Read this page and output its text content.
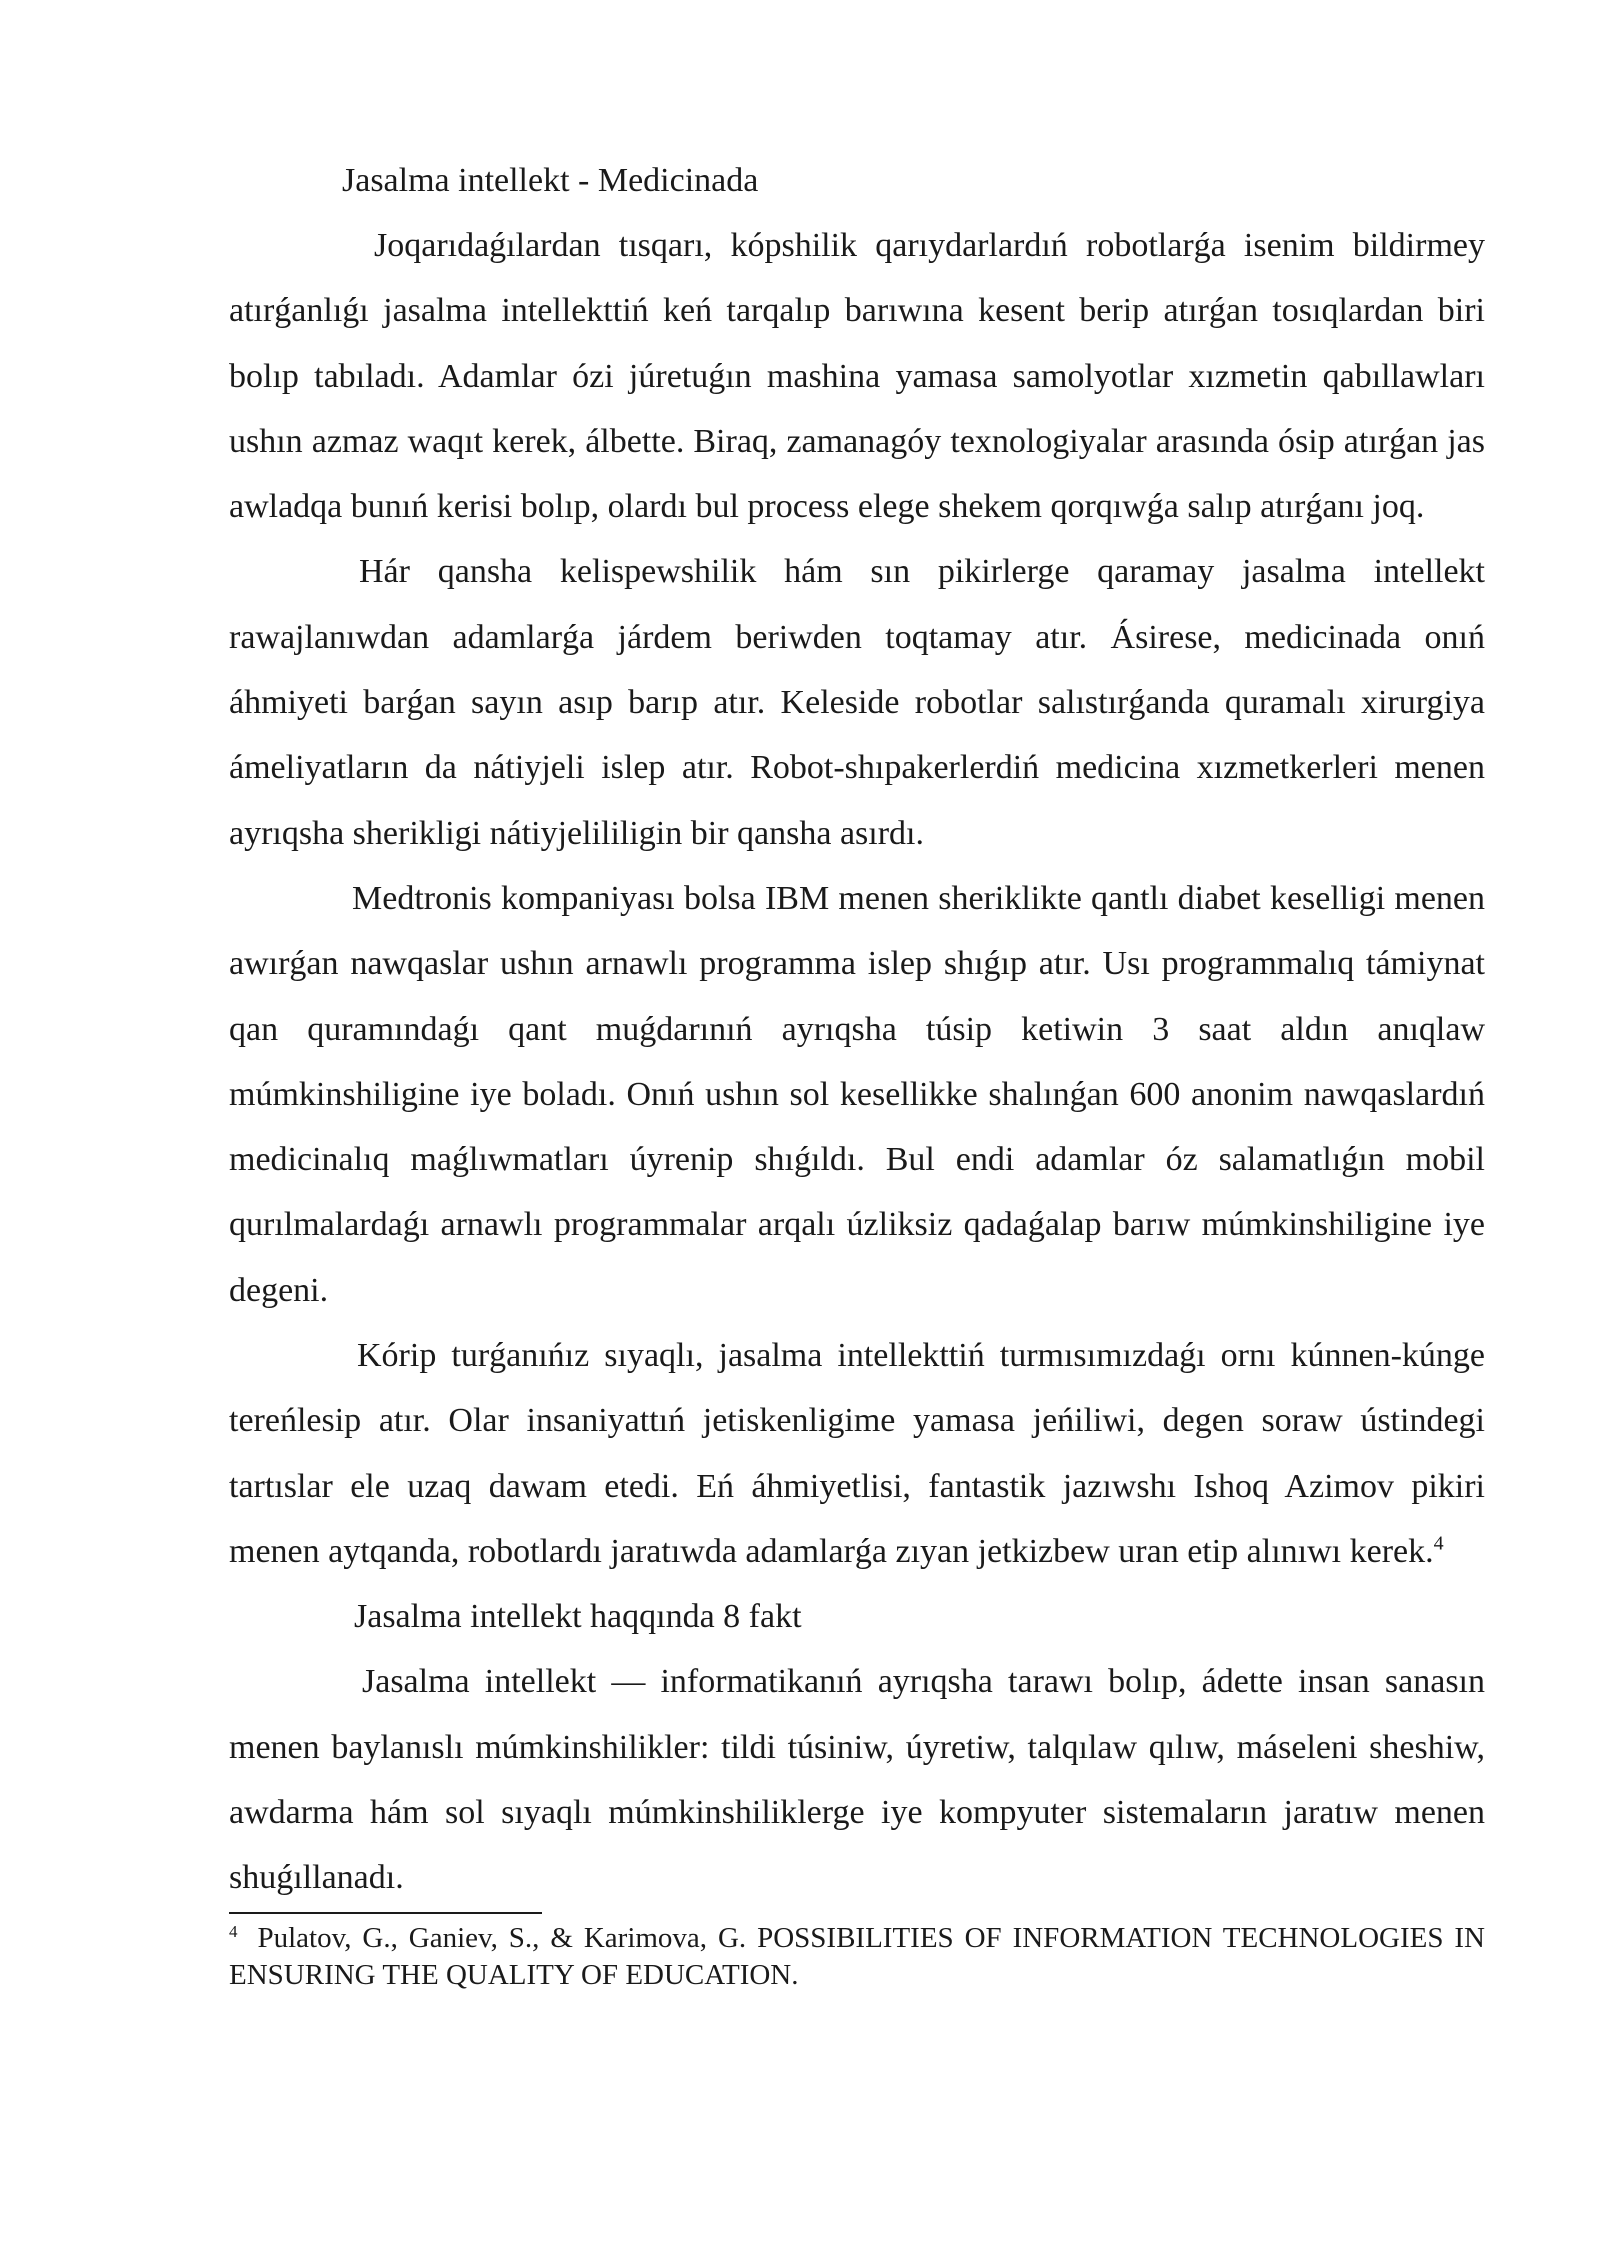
Jasalma intellekt - Medicinada

Joqarıdaǵılardan tısqarı, kópshilik qarıydarlardıń robotlarǵa isenim bildirmey atırǵanlıǵı jasalma intellekttiń keń tarqalıp barıwına kesent berip atırǵan tosıqlardan biri bolıp tabıladı. Adamlar ózi júretuǵın mashina yamasa samolyotlar xızmetin qabıllawları ushın azmaz waqıt kerek, álbette. Biraq, zamanagóy texnologiyalar arasında ósip atırǵan jas awladqa bunıń kerisi bolıp, olardı bul process elege shekem qorqıwǵa salıp atırǵanı joq.

Hár qansha kelispewshilik hám sın pikirlerge qaramay jasalma intellekt rawajlanıwdan adamlarǵa járdem beriwden toqtamay atır. Ásirese, medicinada onıń áhmiyeti barǵan sayın asıp barıp atır. Keleside robotlar salıstırǵanda quramalı xirurgiya ámeliyatların da nátiyjeli islep atır. Robot-shıpakerlerdiń medicina xızmetkerleri menen ayrıqsha sherikligi nátiyjelililigin bir qansha asırdı.

Medtronis kompaniyası bolsa IBM menen sheriklikte qantlı diabet keselligi menen awırǵan nawqaslar ushın arnawlı programma islep shıǵıp atır. Usı programmalıq támiynat qan quramındaǵı qant muǵdarınıń ayrıqsha túsip ketiwin 3 saat aldın anıqlaw múmkinshiligine iye boladı. Onıń ushın sol kesellikke shalınǵan 600 anonim nawqaslardıń medicinalıq maǵlıwmatları úyrenip shıǵıldı. Bul endi adamlar óz salamatlıǵın mobil qurılmalardaǵı arnawlı programmalar arqalı úzliksiz qadaǵalap barıw múmkinshiligine iye degeni.

Kórip turǵanıńız sıyaqlı, jasalma intellekttiń turmısımızdaǵı ornı kúnnen-kúnge tereńlesip atır. Olar insaniyattıń jetiskenligime yamasa jeńiliwi, degen soraw ústindegi tartıslar ele uzaq dawam etedi. Eń áhmiyetlisi, fantastik jazıwshı Ishoq Azimov pikiri menen aytqanda, robotlardı jaratıwda adamlarǵa zıyan jetkizbew uran etip alınıwı kerek.$^4$

Jasalma intellekt haqqında 8 fakt

Jasalma intellekt — informatikanıń ayrıqsha tarawı bolıp, ádette insan sanasın menen baylanıslı múmkinshilikler: tildi túsiniw, úyretiw, talqılaw qılıw, máseleni sheshiw, awdarma hám sol sıyaqlı múmkinshiliklerge iye kompyuter sistemaların jaratıw menen shuǵıllanadı.

$^4$ Pulatov, G., Ganiev, S., & Karimova, G. POSSIBILITIES OF INFORMATION TECHNOLOGIES IN ENSURING THE QUALITY OF EDUCATION.
